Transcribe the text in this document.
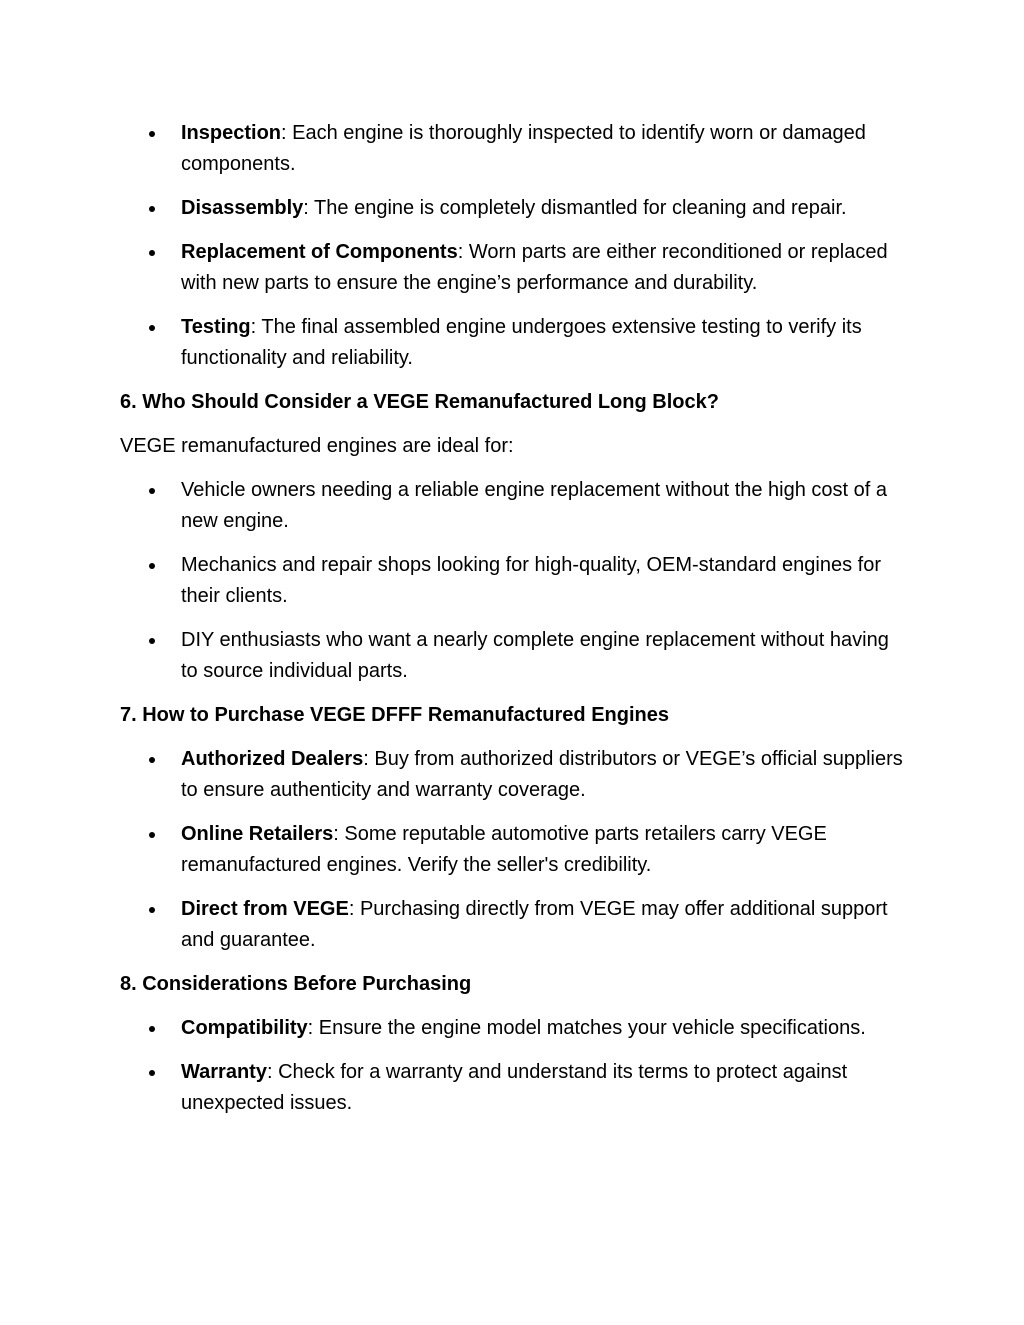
Inspection: Each engine is thoroughly inspected to identify worn or damaged components.
Disassembly: The engine is completely dismantled for cleaning and repair.
Replacement of Components: Worn parts are either reconditioned or replaced with new parts to ensure the engine’s performance and durability.
Testing: The final assembled engine undergoes extensive testing to verify its functionality and reliability.
6. Who Should Consider a VEGE Remanufactured Long Block?

VEGE remanufactured engines are ideal for:

Vehicle owners needing a reliable engine replacement without the high cost of a new engine.
Mechanics and repair shops looking for high-quality, OEM-standard engines for their clients.
DIY enthusiasts who want a nearly complete engine replacement without having to source individual parts.
7. How to Purchase VEGE DFFF Remanufactured Engines
Authorized Dealers: Buy from authorized distributors or VEGE’s official suppliers to ensure authenticity and warranty coverage.
Online Retailers: Some reputable automotive parts retailers carry VEGE remanufactured engines. Verify the seller's credibility.
Direct from VEGE: Purchasing directly from VEGE may offer additional support and guarantee.
8. Considerations Before Purchasing
Compatibility: Ensure the engine model matches your vehicle specifications.
Warranty: Check for a warranty and understand its terms to protect against unexpected issues.
